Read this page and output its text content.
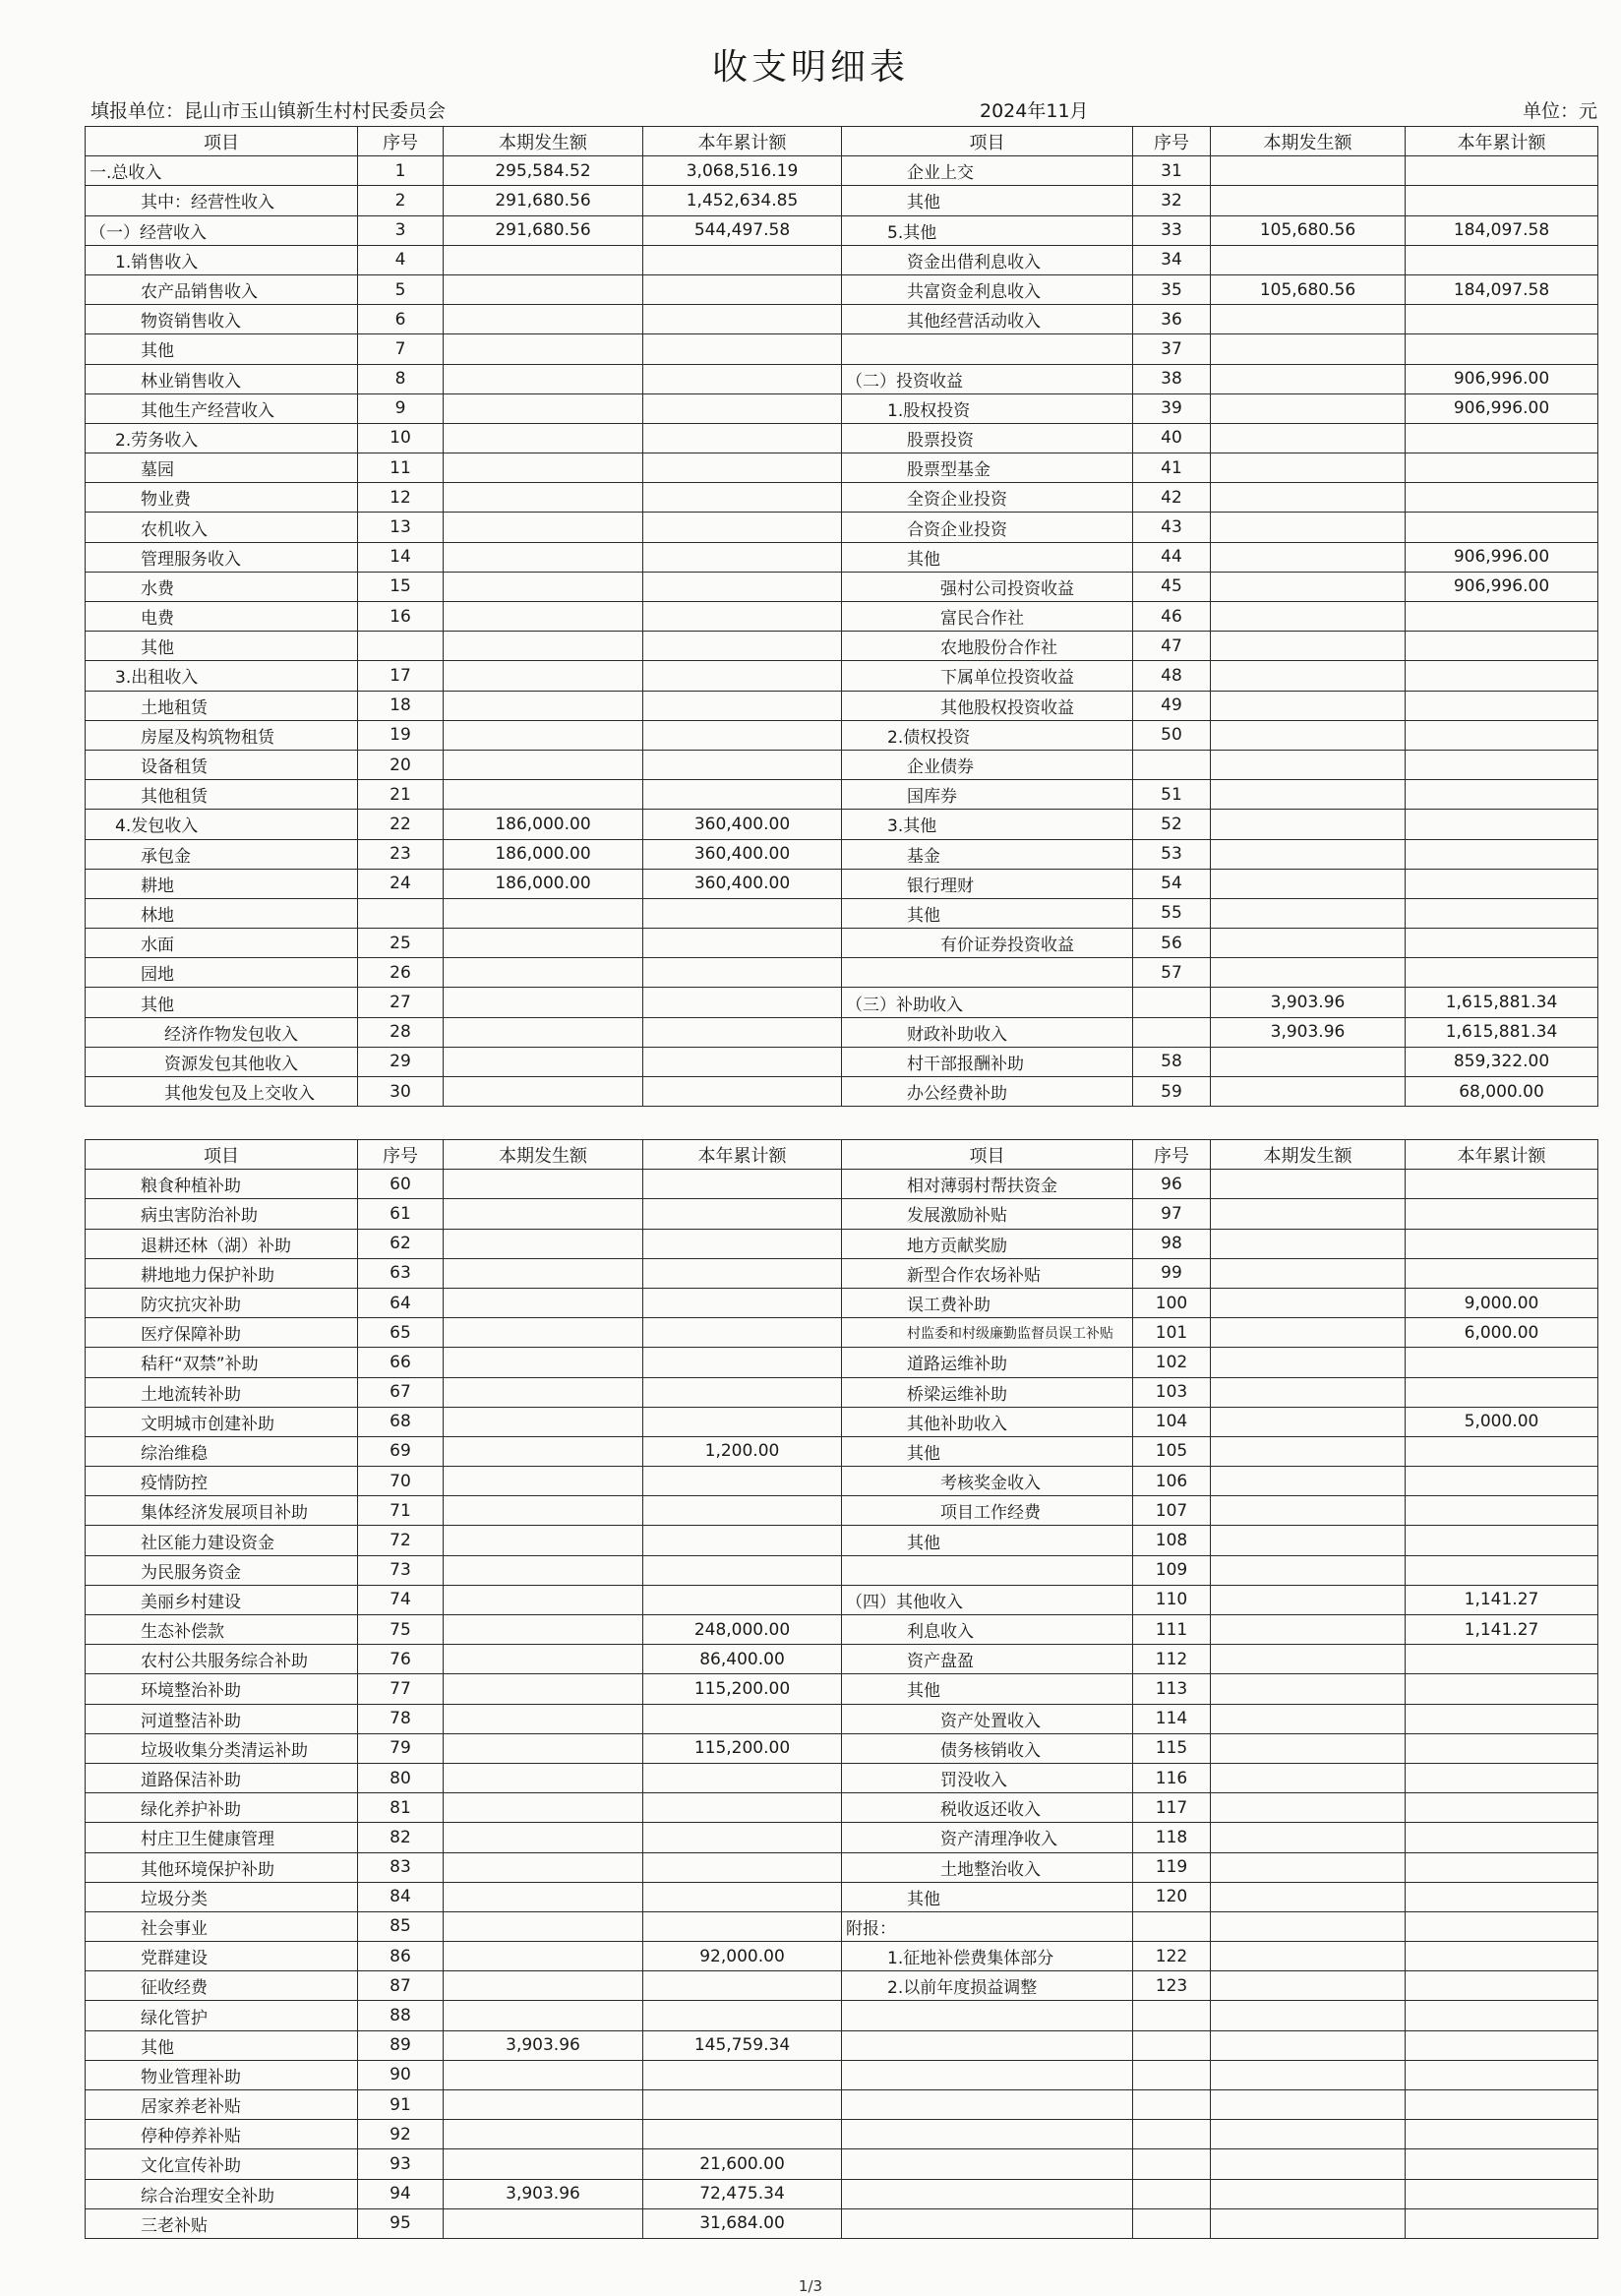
收支明细表
填报单位：昆山市玉山镇新生村村民委员会	2024年11月	单位：元
项目	序号	本期发生额	本年累计额	项目	序号	本期发生额	本年累计额
一.总收入	1	295,584.52	3,068,516.19	企业上交	31		
其中：经营性收入	2	291,680.56	1,452,634.85	其他	32		
（一）经营收入	3	291,680.56	544,497.58	5.其他	33	105,680.56	184,097.58
1.销售收入	4			资金出借利息收入	34		
农产品销售收入	5			共富资金利息收入	35	105,680.56	184,097.58
物资销售收入	6			其他经营活动收入	36		
其他	7				37		
林业销售收入	8			（二）投资收益	38		906,996.00
其他生产经营收入	9			1.股权投资	39		906,996.00
2.劳务收入	10			股票投资	40		
墓园	11			股票型基金	41		
物业费	12			全资企业投资	42		
农机收入	13			合资企业投资	43		
管理服务收入	14			其他	44		906,996.00
水费	15			强村公司投资收益	45		906,996.00
电费	16			富民合作社	46		
其他				农地股份合作社	47		
3.出租收入	17			下属单位投资收益	48		
土地租赁	18			其他股权投资收益	49		
房屋及构筑物租赁	19			2.债权投资	50		
设备租赁	20			企业债券			
其他租赁	21			国库券	51		
4.发包收入	22	186,000.00	360,400.00	3.其他	52		
承包金	23	186,000.00	360,400.00	基金	53		
耕地	24	186,000.00	360,400.00	银行理财	54		
林地				其他	55		
水面	25			有价证券投资收益	56		
园地	26				57		
其他	27			（三）补助收入		3,903.96	1,615,881.34
经济作物发包收入	28			财政补助收入		3,903.96	1,615,881.34
资源发包其他收入	29			村干部报酬补助	58		859,322.00
其他发包及上交收入	30			办公经费补助	59		68,000.00
项目	序号	本期发生额	本年累计额	项目	序号	本期发生额	本年累计额
粮食种植补助	60			相对薄弱村帮扶资金	96		
病虫害防治补助	61			发展激励补贴	97		
退耕还林（湖）补助	62			地方贡献奖励	98		
耕地地力保护补助	63			新型合作农场补贴	99		
防灾抗灾补助	64			误工费补助	100		9,000.00
医疗保障补助	65			村监委和村级廉勤监督员误工补贴	101		6,000.00
秸秆“双禁”补助	66			道路运维补助	102		
土地流转补助	67			桥梁运维补助	103		
文明城市创建补助	68			其他补助收入	104		5,000.00
综治维稳	69		1,200.00	其他	105		
疫情防控	70			考核奖金收入	106		
集体经济发展项目补助	71			项目工作经费	107		
社区能力建设资金	72			其他	108		
为民服务资金	73				109		
美丽乡村建设	74			（四）其他收入	110		1,141.27
生态补偿款	75		248,000.00	利息收入	111		1,141.27
农村公共服务综合补助	76		86,400.00	资产盘盈	112		
环境整治补助	77		115,200.00	其他	113		
河道整洁补助	78			资产处置收入	114		
垃圾收集分类清运补助	79		115,200.00	债务核销收入	115		
道路保洁补助	80			罚没收入	116		
绿化养护补助	81			税收返还收入	117		
村庄卫生健康管理	82			资产清理净收入	118		
其他环境保护补助	83			土地整治收入	119		
垃圾分类	84			其他	120		
社会事业	85			附报：			
党群建设	86		92,000.00	1.征地补偿费集体部分	122		
征收经费	87			2.以前年度损益调整	123		
绿化管护	88						
其他	89	3,903.96	145,759.34				
物业管理补助	90						
居家养老补贴	91						
停种停养补贴	92						
文化宣传补助	93		21,600.00				
综合治理安全补助	94	3,903.96	72,475.34				
三老补贴	95		31,684.00				
1/3
